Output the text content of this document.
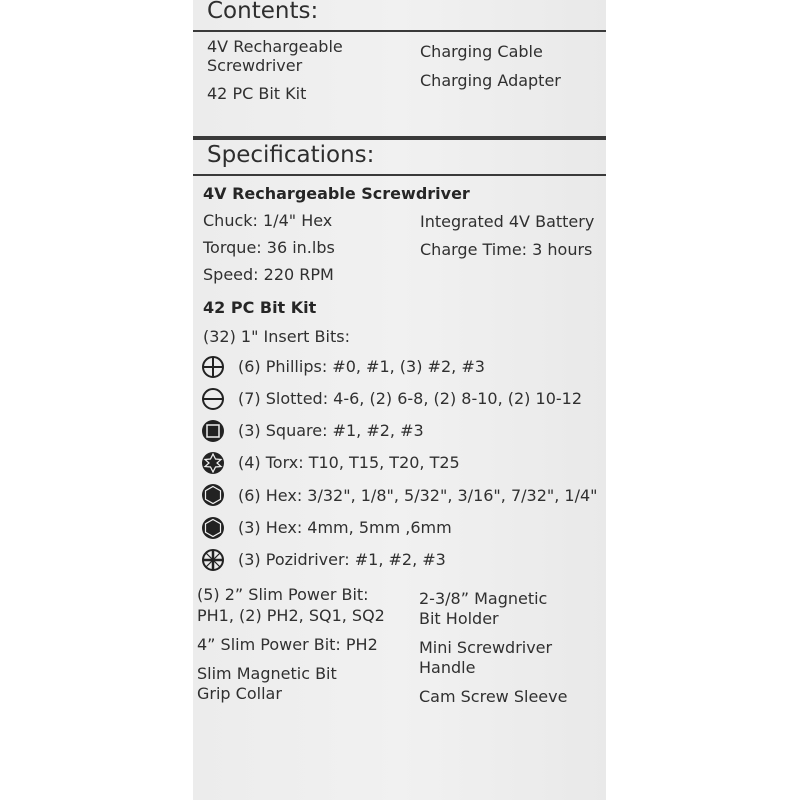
Contents:
4V Rechargeable
Screwdriver
42 PC Bit Kit
Charging Cable
Charging Adapter
Specifications:
4V Rechargeable Screwdriver
Chuck: 1/4" Hex
Torque: 36 in.lbs
Speed: 220 RPM
Integrated 4V Battery
Charge Time: 3 hours
42 PC Bit Kit
(32) 1" Insert Bits:
(6) Phillips: #0, #1, (3) #2, #3
(7) Slotted: 4-6, (2) 6-8, (2) 8-10, (2) 10-12
(3) Square: #1, #2, #3
(4) Torx: T10, T15, T20, T25
(6) Hex: 3/32", 1/8", 5/32", 3/16", 7/32", 1/4"
(3) Hex: 4mm, 5mm ,6mm
(3) Pozidriver: #1, #2, #3
(5) 2” Slim Power Bit:
PH1, (2) PH2, SQ1, SQ2
4” Slim Power Bit: PH2
Slim Magnetic Bit
Grip Collar
2-3/8” Magnetic
Bit Holder
Mini Screwdriver
Handle
Cam Screw Sleeve
